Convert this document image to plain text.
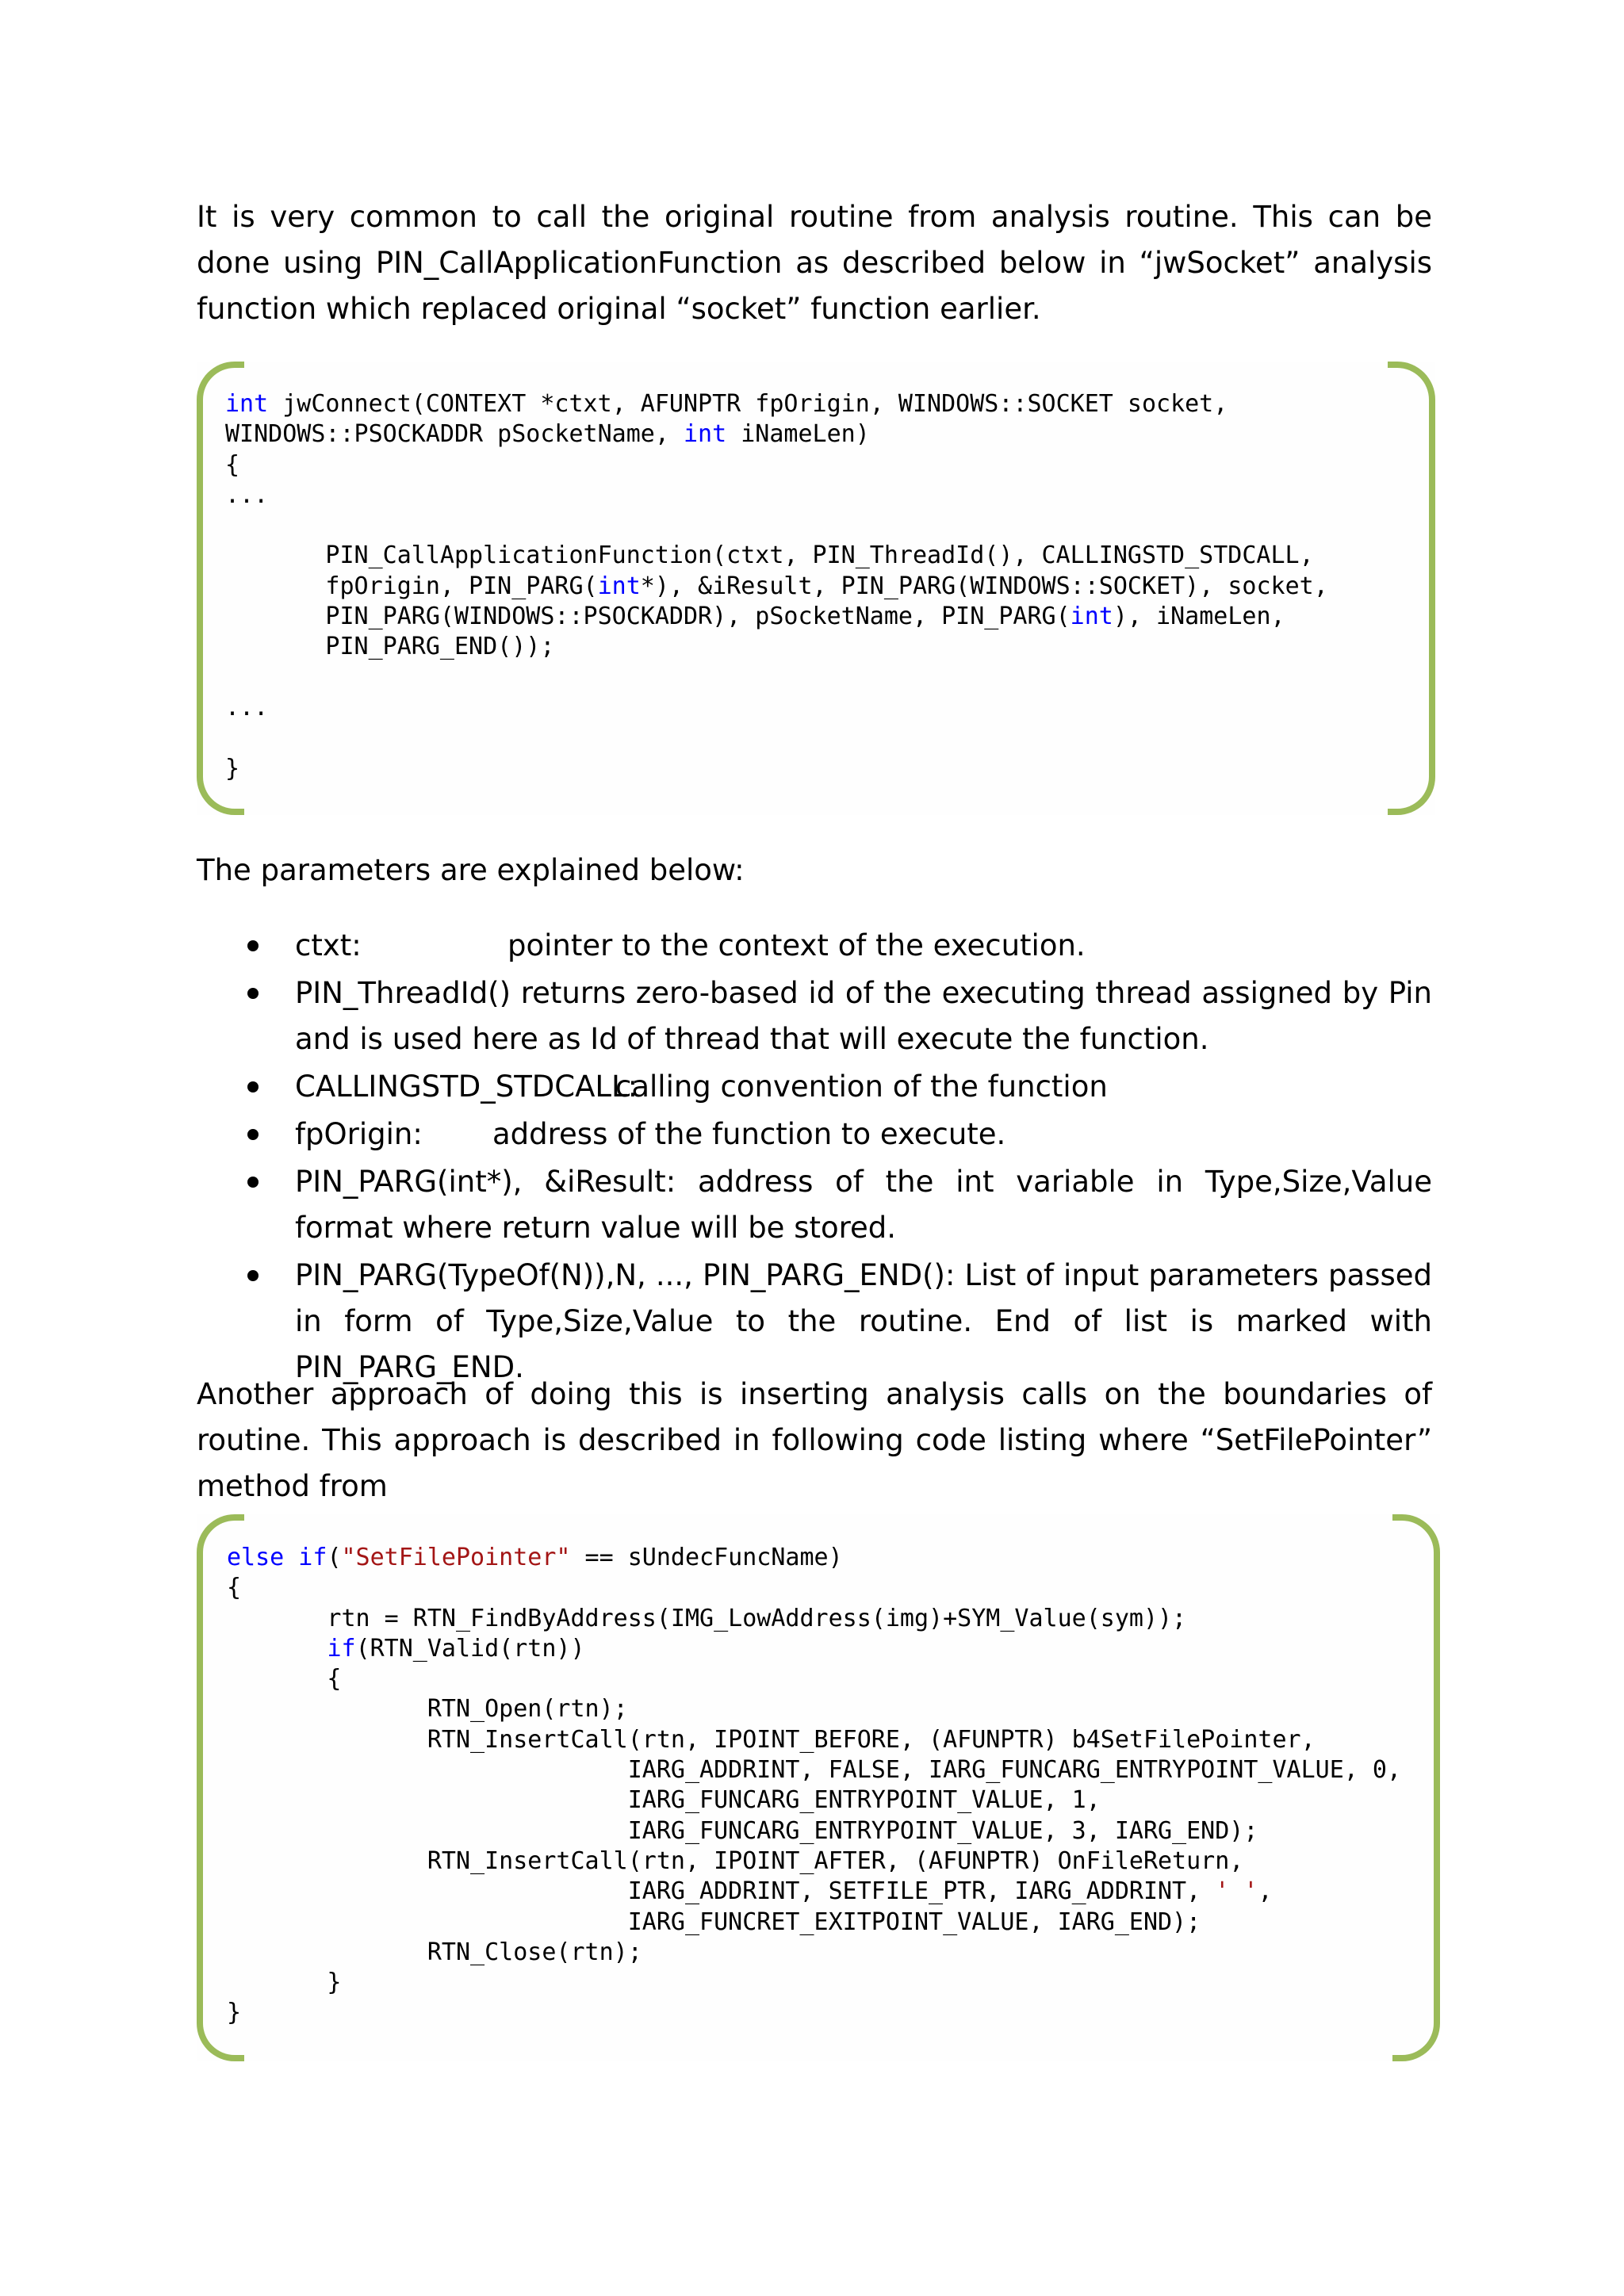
It is very common to call the original routine from analysis routine. This can be done using PIN_CallApplicationFunction as described below in “jwSocket” analysis function which replaced original “socket” function earlier.

int jwConnect(CONTEXT *ctxt, AFUNPTR fpOrigin, WINDOWS::SOCKET socket,
WINDOWS::PSOCKADDR pSocketName, int iNameLen)
{
...
PIN_CallApplicationFunction(ctxt, PIN_ThreadId(), CALLINGSTD_STDCALL,
fpOrigin, PIN_PARG(int*), &iResult, PIN_PARG(WINDOWS::SOCKET), socket,
PIN_PARG(WINDOWS::PSOCKADDR), pSocketName, PIN_PARG(int), iNameLen,
PIN_PARG_END());
...
}

The parameters are explained below:

ctxt:	pointer to the context of the execution.
PIN_ThreadId() returns zero-based id of the executing thread assigned by Pin and is used here as Id of thread that will execute the function.
CALLINGSTD_STDCALL:calling convention of the function
fpOrigin: address of the function to execute.
PIN_PARG(int*), &iResult: address of the int variable in Type,Size,Value format where return value will be stored.
PIN_PARG(TypeOf(N)),N, ..., PIN_PARG_END(): List of input parameters passed in form of Type,Size,Value to the routine. End of list is marked with PIN_PARG_END.

Another approach of doing this is inserting analysis calls on the boundaries of routine. This approach is described in following code listing where “SetFilePointer” method from

else if("SetFilePointer" == sUndecFuncName)
{
rtn = RTN_FindByAddress(IMG_LowAddress(img)+SYM_Value(sym));
if(RTN_Valid(rtn))
{
RTN_Open(rtn);
RTN_InsertCall(rtn, IPOINT_BEFORE, (AFUNPTR) b4SetFilePointer,
IARG_ADDRINT, FALSE, IARG_FUNCARG_ENTRYPOINT_VALUE, 0,
IARG_FUNCARG_ENTRYPOINT_VALUE, 1,
IARG_FUNCARG_ENTRYPOINT_VALUE, 3, IARG_END);
RTN_InsertCall(rtn, IPOINT_AFTER, (AFUNPTR) OnFileReturn,
IARG_ADDRINT, SETFILE_PTR, IARG_ADDRINT, ' ',
IARG_FUNCRET_EXITPOINT_VALUE, IARG_END);
RTN_Close(rtn);
}
}
